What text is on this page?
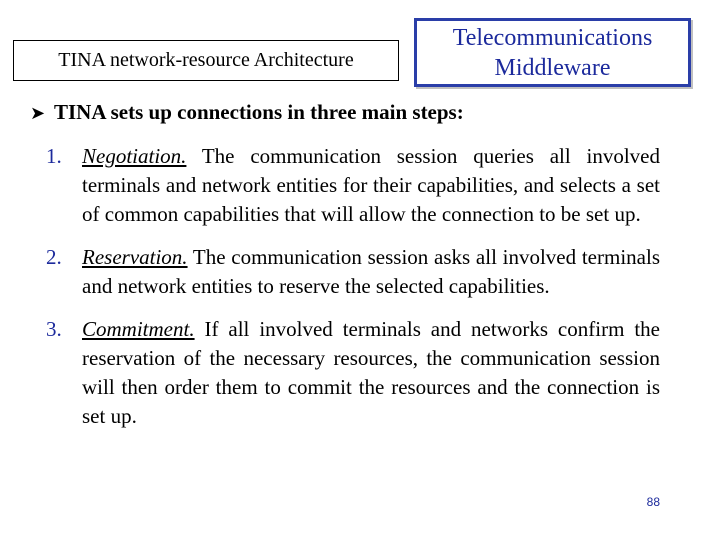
TINA network-resource Architecture
Telecommunications
Middleware
➤ TINA sets up connections in three main steps:
1. Negotiation. The communication session queries all involved terminals and network entities for their capabilities, and selects a set of common capabilities that will allow the connection to be set up.
2. Reservation. The communication session asks all involved terminals and network entities to reserve the selected capabilities.
3. Commitment. If all involved terminals and networks confirm the reservation of the necessary resources, the communication session will then order them to commit the resources and the connection is set up.
88
